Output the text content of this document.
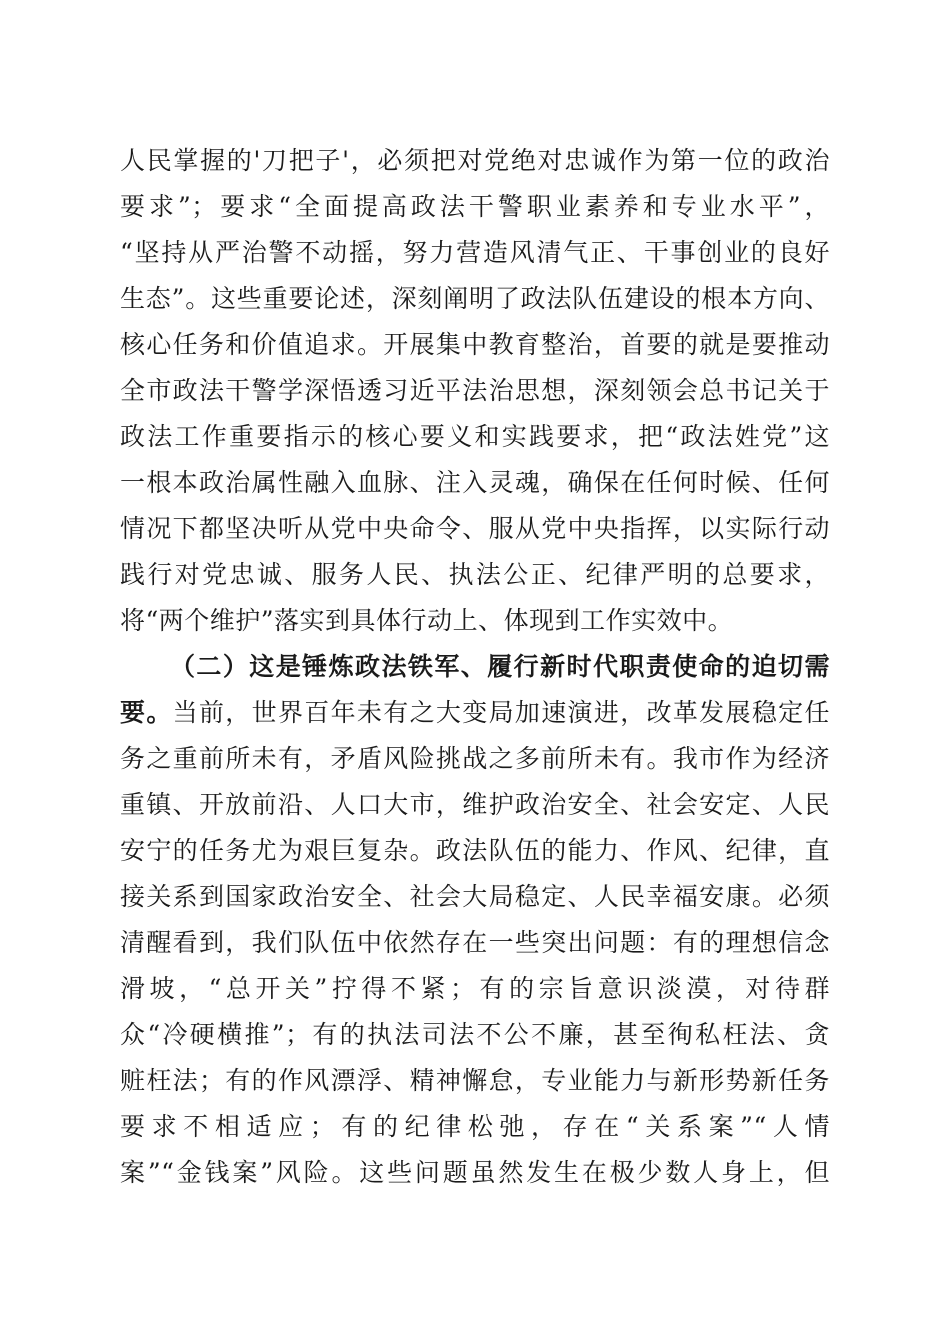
人民掌握的'刀把子'，必须把对党绝对忠诚作为第一位的政治
要求”；要求“全面提高政法干警职业素养和专业水平”，
“坚持从严治警不动摇，努力营造风清气正、干事创业的良好
生态”。这些重要论述，深刻阐明了政法队伍建设的根本方向、
核心任务和价值追求。开展集中教育整治，首要的就是要推动
全市政法干警学深悟透习近平法治思想，深刻领会总书记关于
政法工作重要指示的核心要义和实践要求，把“政法姓党”这
一根本政治属性融入血脉、注入灵魂，确保在任何时候、任何
情况下都坚决听从党中央命令、服从党中央指挥，以实际行动
践行对党忠诚、服务人民、执法公正、纪律严明的总要求，
将“两个维护”落实到具体行动上、体现到工作实效中。
（二）这是锤炼政法铁军、履行新时代职责使命的迫切需
要。当前，世界百年未有之大变局加速演进，改革发展稳定任
务之重前所未有，矛盾风险挑战之多前所未有。我市作为经济
重镇、开放前沿、人口大市，维护政治安全、社会安定、人民
安宁的任务尤为艰巨复杂。政法队伍的能力、作风、纪律，直
接关系到国家政治安全、社会大局稳定、人民幸福安康。必须
清醒看到，我们队伍中依然存在一些突出问题：有的理想信念
滑坡，“总开关”拧得不紧；有的宗旨意识淡漠，对待群
众“冷硬横推”；有的执法司法不公不廉，甚至徇私枉法、贪
赃枉法；有的作风漂浮、精神懈怠，专业能力与新形势新任务
要求不相适应；有的纪律松弛，存在“关系案”“人情
案”“金钱案”风险。这些问题虽然发生在极少数人身上，但
